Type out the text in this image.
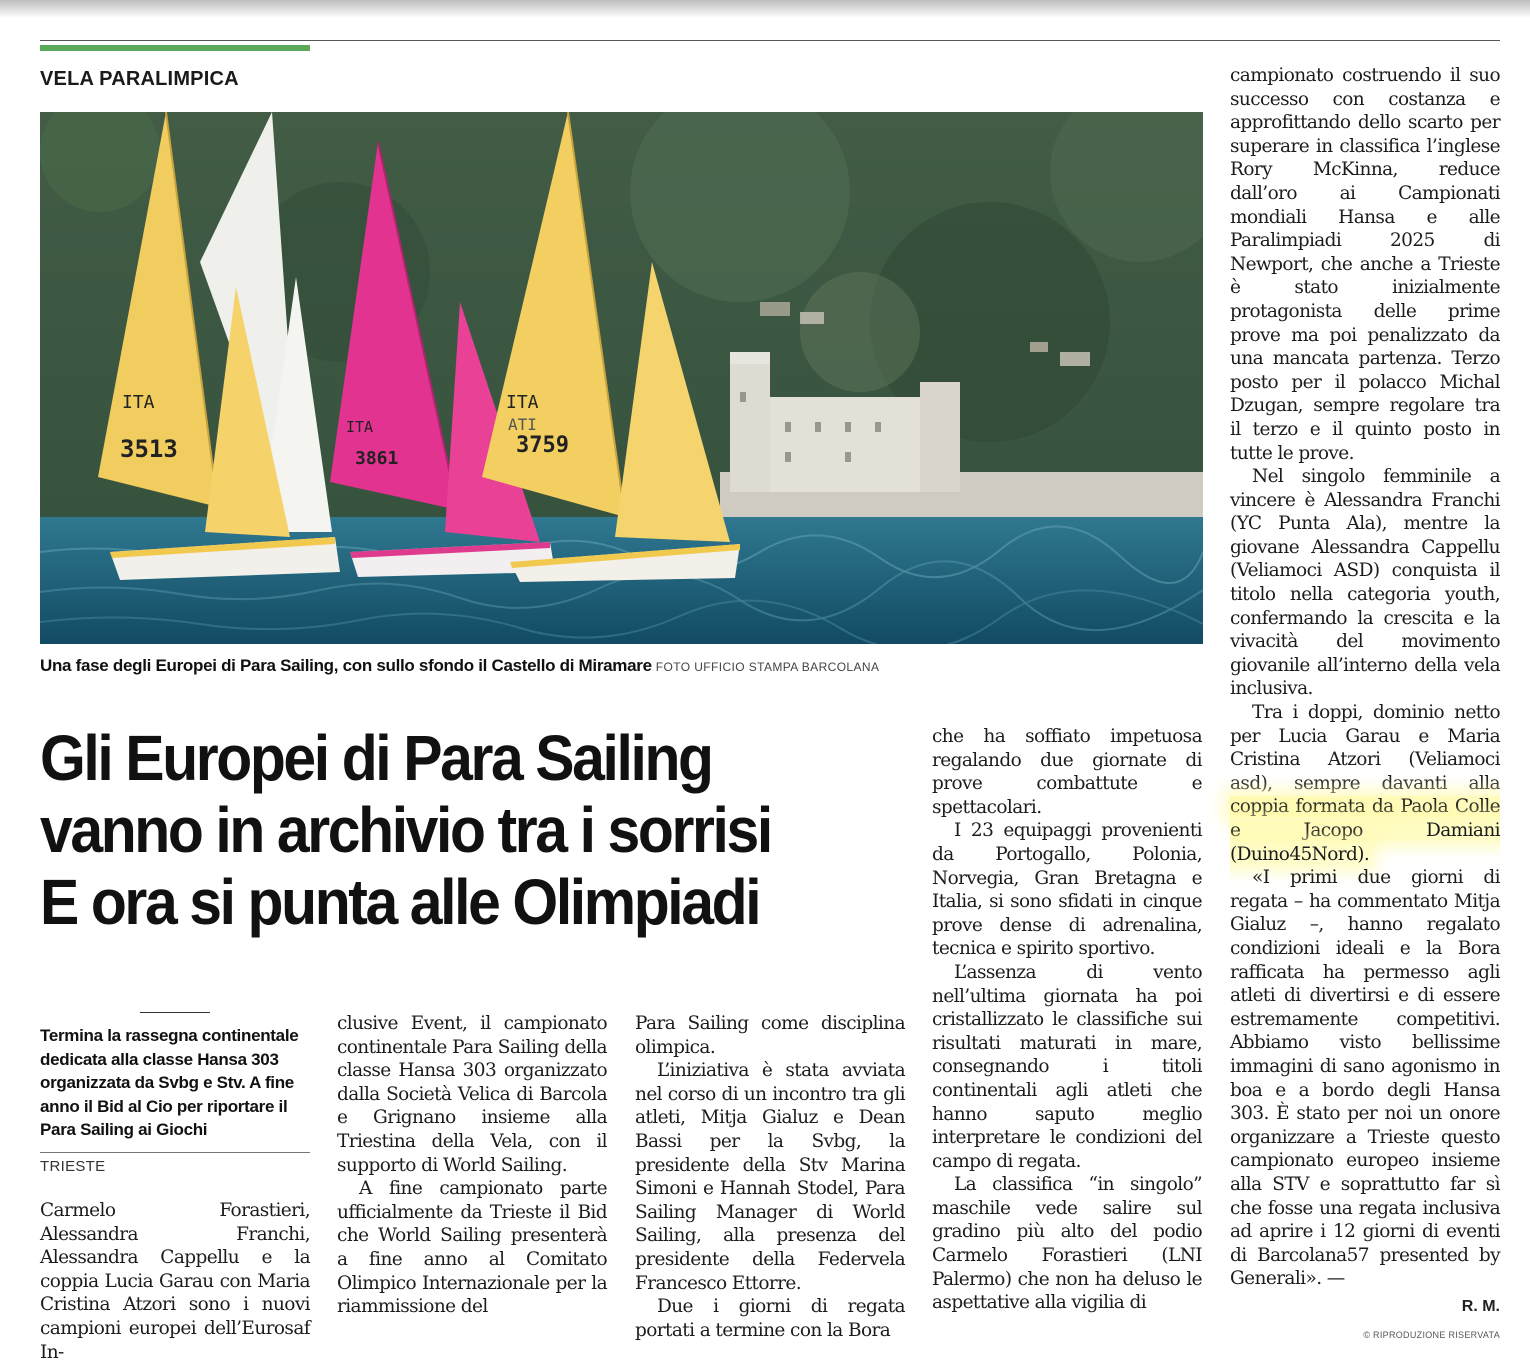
VELA PARALIMPICA
ITA
3513
ITA
3861
ITA
ATI
3759
Una fase degli Europei di Para Sailing, con sullo sfondo il Castello di Miramare FOTO UFFICIO STAMPA BARCOLANA
Gli Europei di Para Sailing
vanno in archivio tra i sorrisi
E ora si punta alle Olimpiadi
Termina la rassegna continentale dedicata alla classe Hansa 303 organizzata da Svbg e Stv. A fine anno il Bid al Cio per riportare il Para Sailing ai Giochi
TRIESTE

Carmelo Forastieri, Alessandra Franchi, Alessandra Cappellu e la coppia Lucia Garau con Maria Cristina Atzori sono i nuovi campioni europei dell’Eurosaf In-

clusive Event, il campionato continentale Para Sailing della classe Hansa 303 organizzato dalla Società Velica di Barcola e Grignano insieme alla Triestina della Vela, con il supporto di World Sailing.

A fine campionato parte ufficialmente da Trieste il Bid che World Sailing presenterà a fine anno al Comitato Olimpico Internazionale per la riammissione del

Para Sailing come disciplina olimpica.

L’iniziativa è stata avviata nel corso di un incontro tra gli atleti, Mitja Gialuz e Dean Bassi per la Svbg, la presidente della Stv Marina Simoni e Hannah Stodel, Para Sailing Manager di World Sailing, alla presenza del presidente della Federvela Francesco Ettorre.

Due i giorni di regata portati a termine con la Bora

che ha soffiato impetuosa regalando due giornate di prove combattute e spettacolari.

I 23 equipaggi provenienti da Portogallo, Polonia, Norvegia, Gran Bretagna e Italia, si sono sfidati in cinque prove dense di adrenalina, tecnica e spirito sportivo.

L’assenza di vento nell’ultima giornata ha poi cristallizzato le classifiche sui risultati maturati in mare, consegnando i titoli continentali agli atleti che hanno saputo meglio interpretare le condizioni del campo di regata.

La classifica “in singolo” maschile vede salire sul gradino più alto del podio Carmelo Forastieri (LNI Palermo) che non ha deluso le aspettative alla vigilia di

campionato costruendo il suo successo con costanza e approfittando dello scarto per superare in classifica l’inglese Rory McKinna, reduce dall’oro ai Campionati mondiali Hansa e alle Paralimpiadi 2025 di Newport, che anche a Trieste è stato inizialmente protagonista delle prime prove ma poi penalizzato da una mancata partenza. Terzo posto per il polacco Michal Dzugan, sempre regolare tra il terzo e il quinto posto in tutte le prove.

Nel singolo femminile a vincere è Alessandra Franchi (YC Punta Ala), mentre la giovane Alessandra Cappellu (Veliamoci ASD) conquista il titolo nella categoria youth, confermando la crescita e la vivacità del movimento giovanile all’interno della vela inclusiva.

Tra i doppi, dominio netto per Lucia Garau e Maria Cristina Atzori (Veliamoci asd), sempre davanti alla coppia formata da Paola Colle e Jacopo Damiani (Duino45Nord).

«I primi due giorni di regata – ha commentato Mitja Gialuz –, hanno regalato condizioni ideali e la Bora rafficata ha permesso agli atleti di divertirsi e di essere estremamente competitivi. Abbiamo visto bellissime immagini di sano agonismo in boa e a bordo degli Hansa 303. È stato per noi un onore organizzare a Trieste questo campionato europeo insieme alla STV e soprattutto far sì che fosse una regata inclusiva ad aprire i 12 giorni di eventi di Barcolana57 presented by Generali». —

R. M.
© RIPRODUZIONE RISERVATA
